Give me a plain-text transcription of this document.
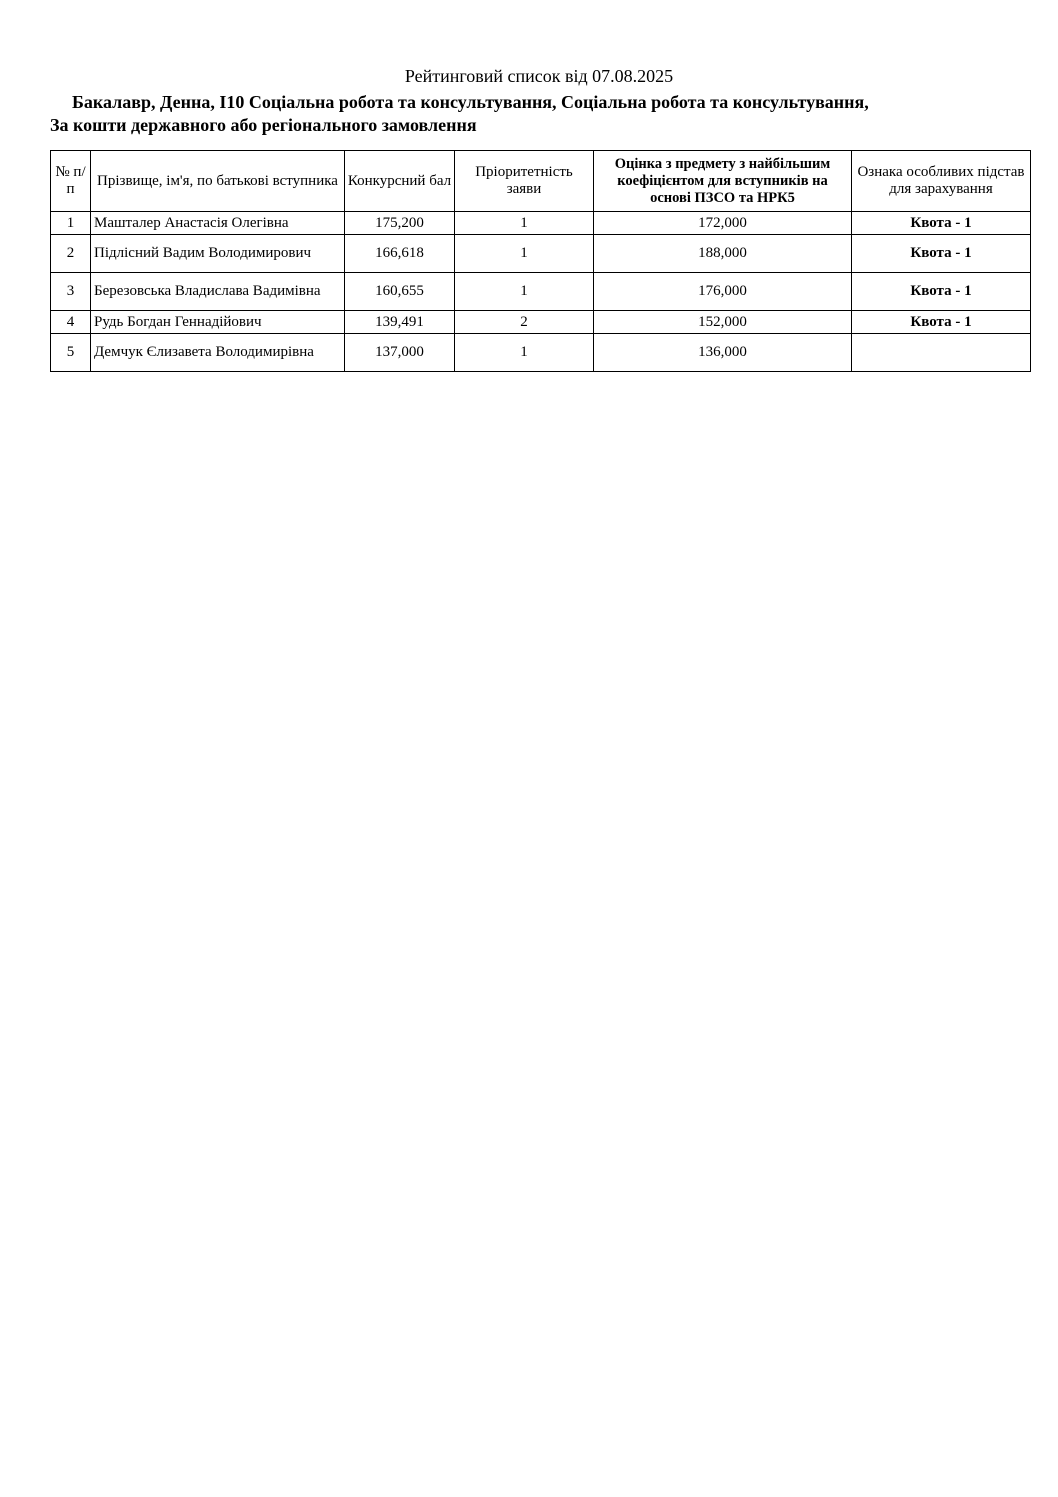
Рейтинговий список від 07.08.2025
Бакалавр, Денна, I10 Соціальна робота та консультування, Соціальна робота та консультування,
За кошти державного або регіонального замовлення
№ п/п	Прізвище, ім'я, по батькові вступника	Конкурсний бал	Пріоритетність заяви	Оцінка з предмету з найбільшим коефіцієнтом для вступників на основі ПЗСО та НРК5	Ознака особливих підстав для зарахування
1	Машталер Анастасія Олегівна	175,200	1	172,000	Квота - 1
2	Підлісний Вадим Володимирович	166,618	1	188,000	Квота - 1
3	Березовська Владислава Вадимівна	160,655	1	176,000	Квота - 1
4	Рудь Богдан Геннадійович	139,491	2	152,000	Квота - 1
5	Демчук Єлизавета Володимирівна	137,000	1	136,000	
